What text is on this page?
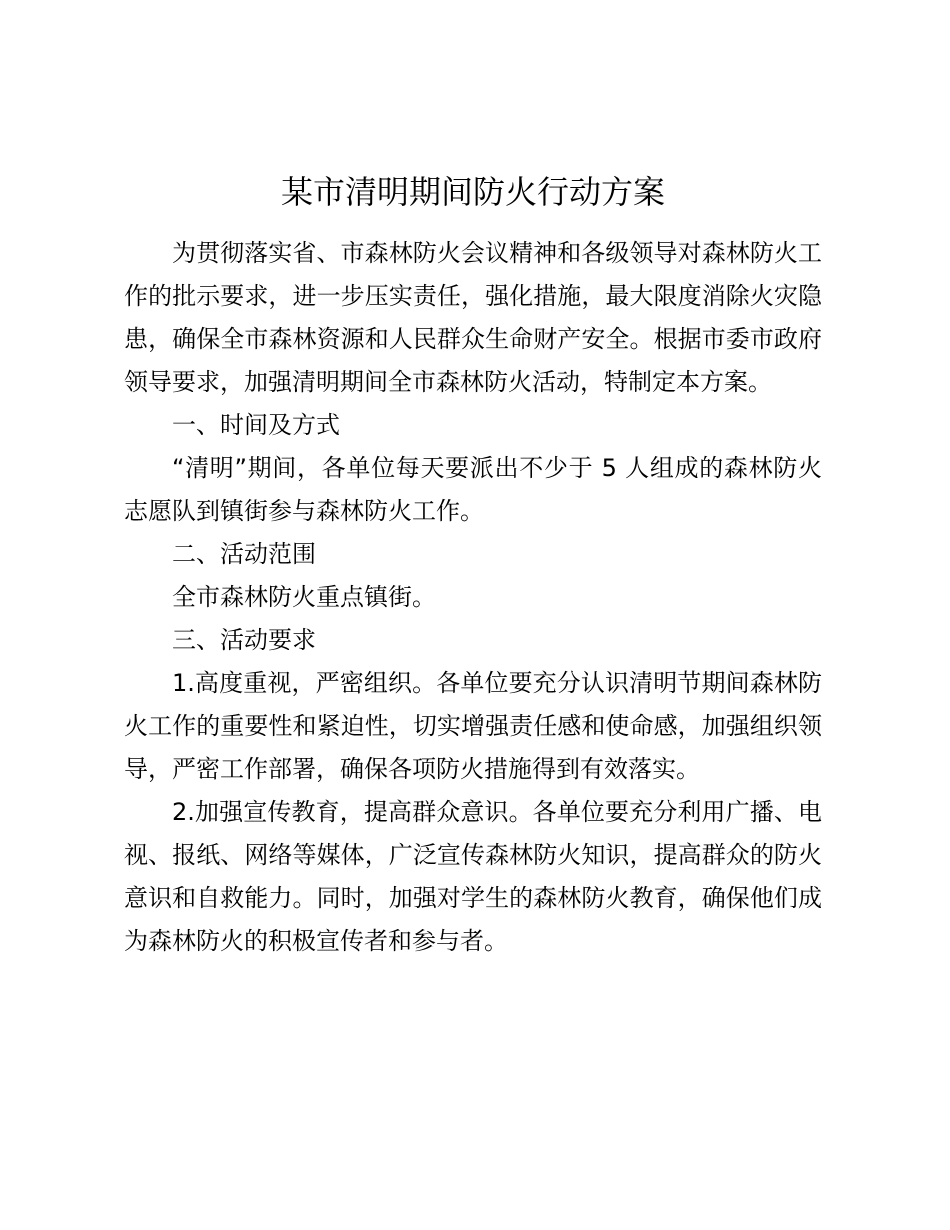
某市清明期间防火行动方案

为贯彻落实省、市森林防火会议精神和各级领导对森林防火工作的批示要求，进一步压实责任，强化措施，最大限度消除火灾隐患，确保全市森林资源和人民群众生命财产安全。根据市委市政府领导要求，加强清明期间全市森林防火活动，特制定本方案。

一、时间及方式

“清明”期间，各单位每天要派出不少于 5 人组成的森林防火志愿队到镇街参与森林防火工作。

二、活动范围

全市森林防火重点镇街。

三、活动要求

1.高度重视，严密组织。各单位要充分认识清明节期间森林防火工作的重要性和紧迫性，切实增强责任感和使命感，加强组织领导，严密工作部署，确保各项防火措施得到有效落实。

2.加强宣传教育，提高群众意识。各单位要充分利用广播、电视、报纸、网络等媒体，广泛宣传森林防火知识，提高群众的防火意识和自救能力。同时，加强对学生的森林防火教育，确保他们成为森林防火的积极宣传者和参与者。
